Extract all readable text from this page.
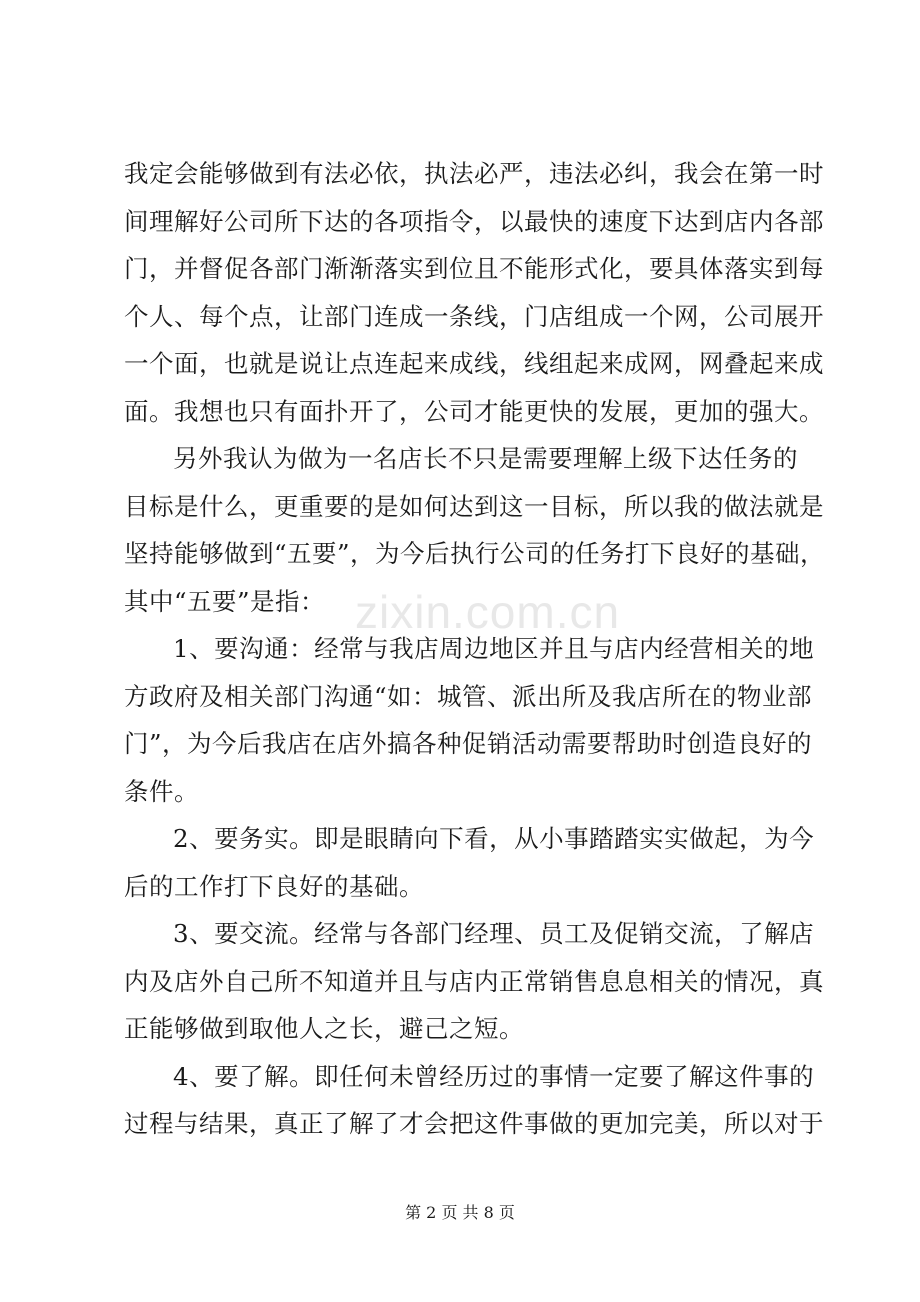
zixin.com.cn
我定会能够做到有法必依，执法必严，违法必纠，我会在第一时
间理解好公司所下达的各项指令，以最快的速度下达到店内各部
门，并督促各部门渐渐落实到位且不能形式化，要具体落实到每
个人、每个点，让部门连成一条线，门店组成一个网，公司展开
一个面，也就是说让点连起来成线，线组起来成网，网叠起来成
面。我想也只有面扑开了，公司才能更快的发展，更加的强大。
另外我认为做为一名店长不只是需要理解上级下达任务的
目标是什么，更重要的是如何达到这一目标，所以我的做法就是
坚持能够做到“五要”，为今后执行公司的任务打下良好的基础，
其中“五要”是指：
1、要沟通：经常与我店周边地区并且与店内经营相关的地
方政府及相关部门沟通“如：城管、派出所及我店所在的物业部
门”，为今后我店在店外搞各种促销活动需要帮助时创造良好的
条件。
2、要务实。即是眼睛向下看，从小事踏踏实实做起，为今
后的工作打下良好的基础。
3、要交流。经常与各部门经理、员工及促销交流，了解店
内及店外自己所不知道并且与店内正常销售息息相关的情况，真
正能够做到取他人之长，避己之短。
4、要了解。即任何未曾经历过的事情一定要了解这件事的
过程与结果，真正了解了才会把这件事做的更加完美，所以对于
第 2 页 共 8 页
